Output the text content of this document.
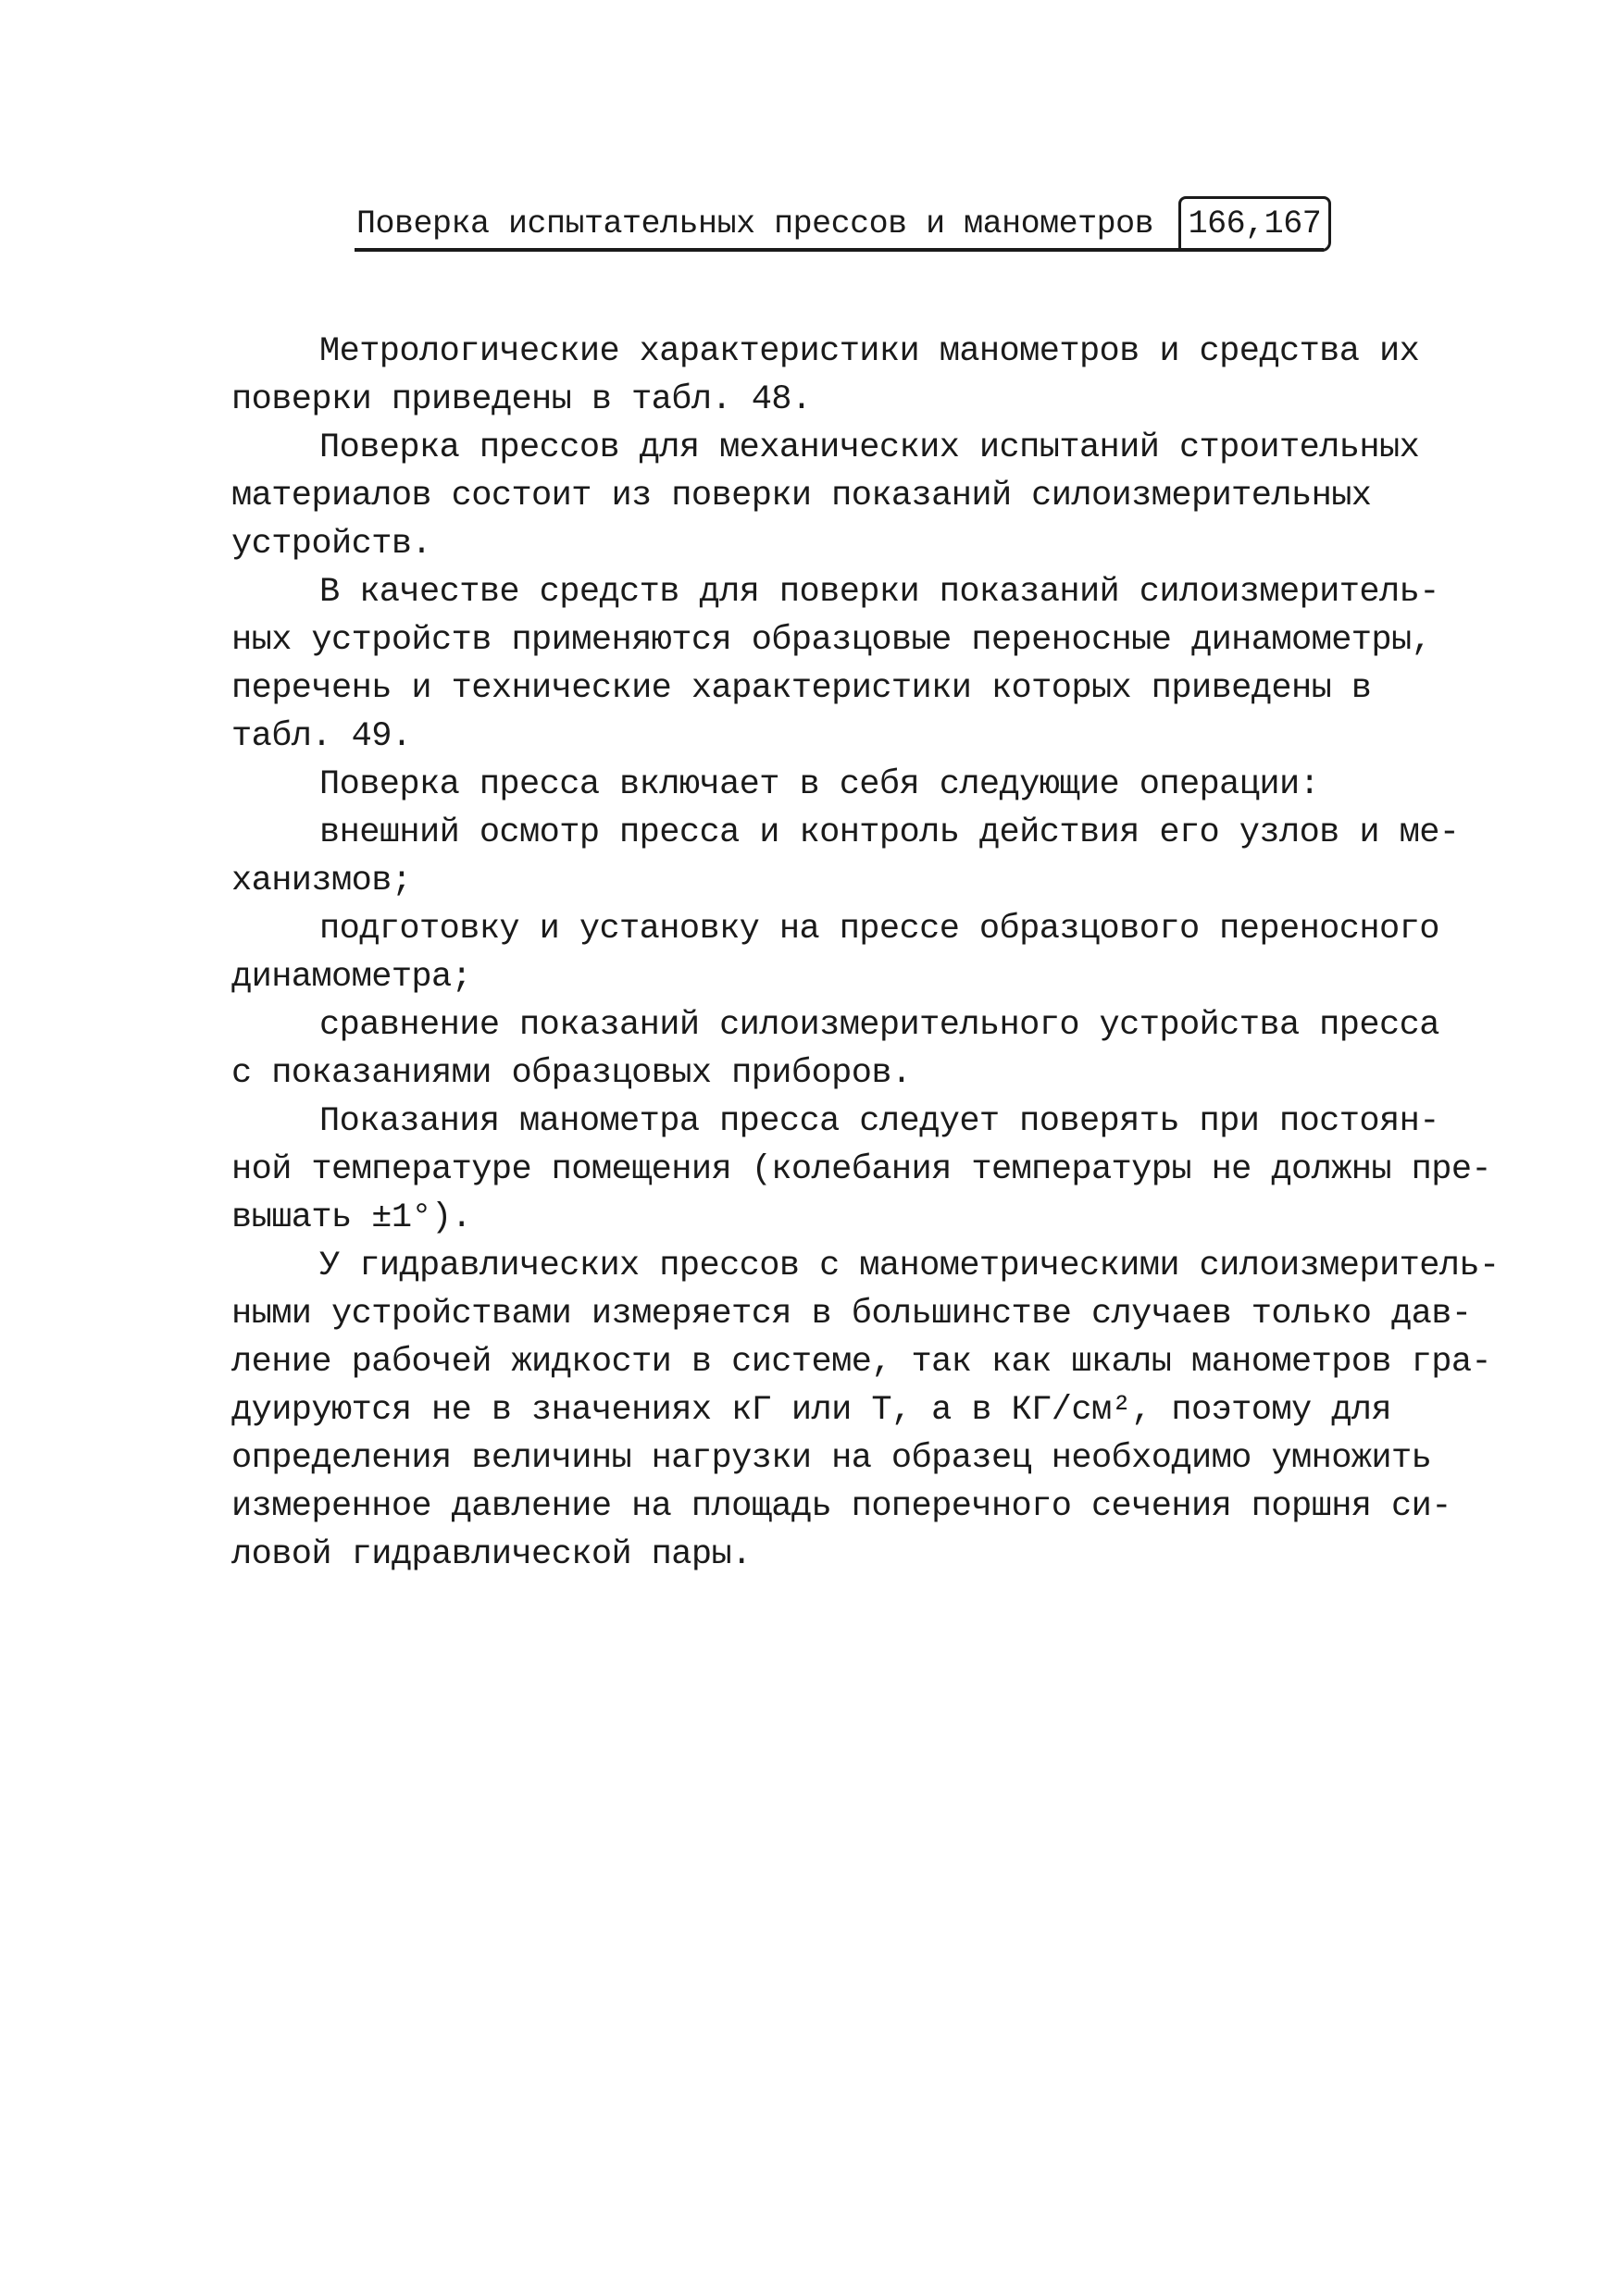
Поверка испытательных прессов и манометров 166,167
Метрологические характеристики манометров и средства их
поверки приведены в табл. 48.
Поверка прессов для механических испытаний строительных
материалов состоит из поверки показаний силоизмерительных
устройств.
В качестве средств для поверки показаний силоизмеритель-
ных устройств применяются образцовые переносные динамометры,
перечень и технические характеристики которых приведены в
табл. 49.
Поверка пресса включает в себя следующие операции:
внешний осмотр пресса и контроль действия его узлов и ме-
ханизмов;
подготовку и установку на прессе образцового переносного
динамометра;
сравнение показаний силоизмерительного устройства пресса
с показаниями образцовых приборов.
Показания манометра пресса следует поверять при постоян-
ной температуре помещения (колебания температуры не должны пре-
вышать ±1°).
У гидравлических прессов с манометрическими силоизмеритель-
ными устройствами измеряется в большинстве случаев только дав-
ление рабочей жидкости в системе, так как шкалы манометров гра-
дуируются не в значениях кГ или Т, а в КГ/см², поэтому для
определения величины нагрузки на образец необходимо умножить
измеренное давление на площадь поперечного сечения поршня си-
ловой гидравлической пары.
